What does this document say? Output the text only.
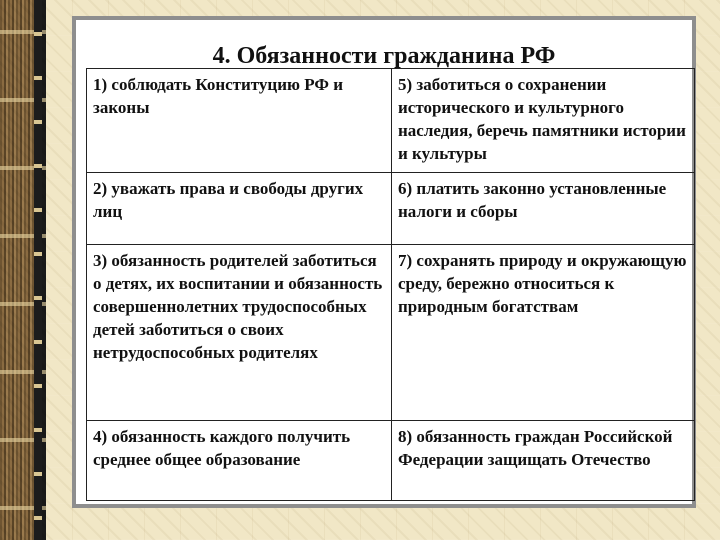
4. Обязанности гражданина РФ
1) соблюдать Конституцию РФ и законы	5) заботиться о сохранении исторического и культурного наследия, беречь памятники истории и культуры
2) уважать права и свободы других лиц	6) платить законно установленные налоги и сборы
3) обязанность родителей заботиться о детях, их воспитании и обязанность совершеннолетних трудоспособных детей заботиться о своих нетрудоспособных родителях	7) сохранять природу и окружающую среду, бережно относиться к природным богатствам
4) обязанность каждого получить среднее общее образование	8) обязанность граждан Российской Федерации защищать Отечество
